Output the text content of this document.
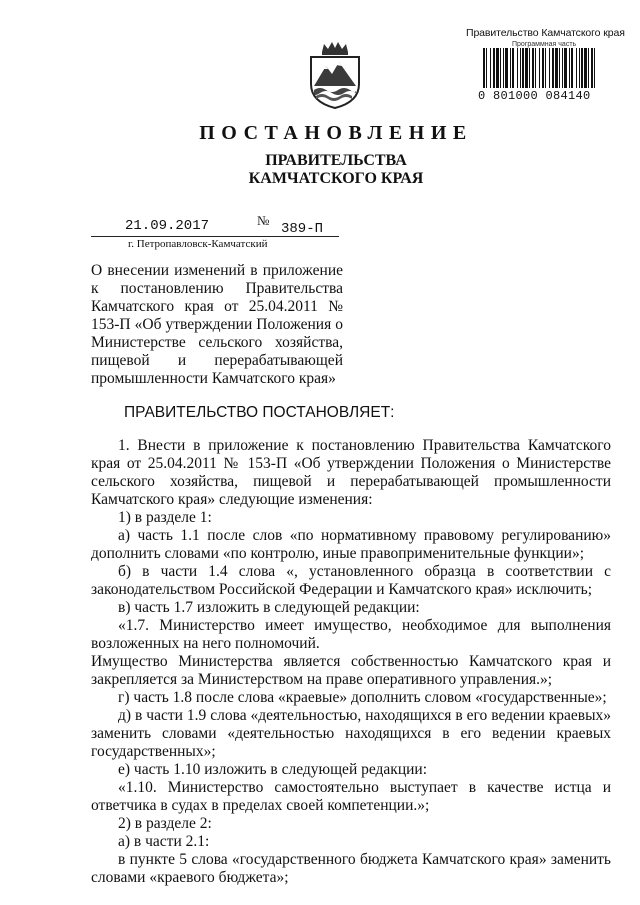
Правительство Камчатского края
Программная часть
0 801000 084140
ПОСТАНОВЛЕНИЕ
ПРАВИТЕЛЬСТВА
КАМЧАТСКОГО КРАЯ
21.09.2017	№
389-П
г. Петропавловск-Камчатский

О внесении изменений в приложение к постановлению Правительства Камчатского края от 25.04.2011 № 153-П «Об утверждении Положения о Министерстве сельского хозяйства, пищевой и перерабатывающей промышленности Камчатского края»

ПРАВИТЕЛЬСТВО ПОСТАНОВЛЯЕТ:

1. Внести в приложение к постановлению Правительства Камчатского края от 25.04.2011 № 153-П «Об утверждении Положения о Министерстве сельского хозяйства, пищевой и перерабатывающей промышленности Камчатского края» следующие изменения:

1) в разделе 1:

а) часть 1.1 после слов «по нормативному правовому регулированию» дополнить словами «по контролю, иные правоприменительные функции»;

б) в части 1.4 слова «, установленного образца в соответствии с законодательством Российской Федерации и Камчатского края» исключить;

в) часть 1.7 изложить в следующей редакции:

«1.7. Министерство имеет имущество, необходимое для выполнения возложенных на него полномочий.

Имущество Министерства является собственностью Камчатского края и закрепляется за Министерством на праве оперативного управления.»;

г) часть 1.8 после слова «краевые» дополнить словом «государственные»;

д) в части 1.9 слова «деятельностью, находящихся в его ведении краевых» заменить словами «деятельностью находящихся в его ведении краевых государственных»;

е) часть 1.10 изложить в следующей редакции:

«1.10. Министерство самостоятельно выступает в качестве истца и ответчика в судах в пределах своей компетенции.»;

2) в разделе 2:

а) в части 2.1:

в пункте 5 слова «государственного бюджета Камчатского края» заменить словами «краевого бюджета»;
